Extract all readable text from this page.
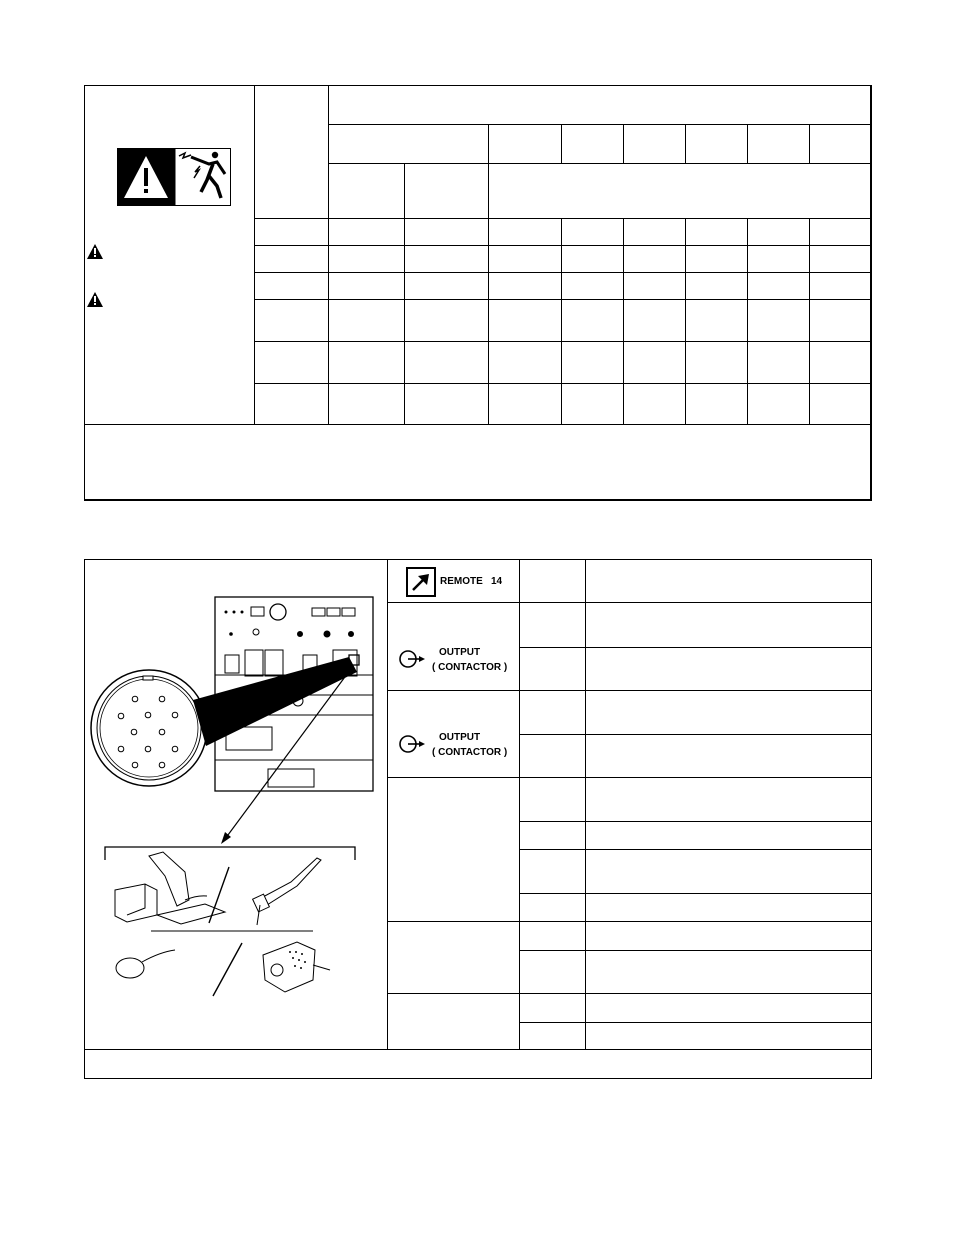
REMOTE 14		

	OUTPUT
( CONTACTOR )		

	OUTPUT
( CONTACTOR )		
